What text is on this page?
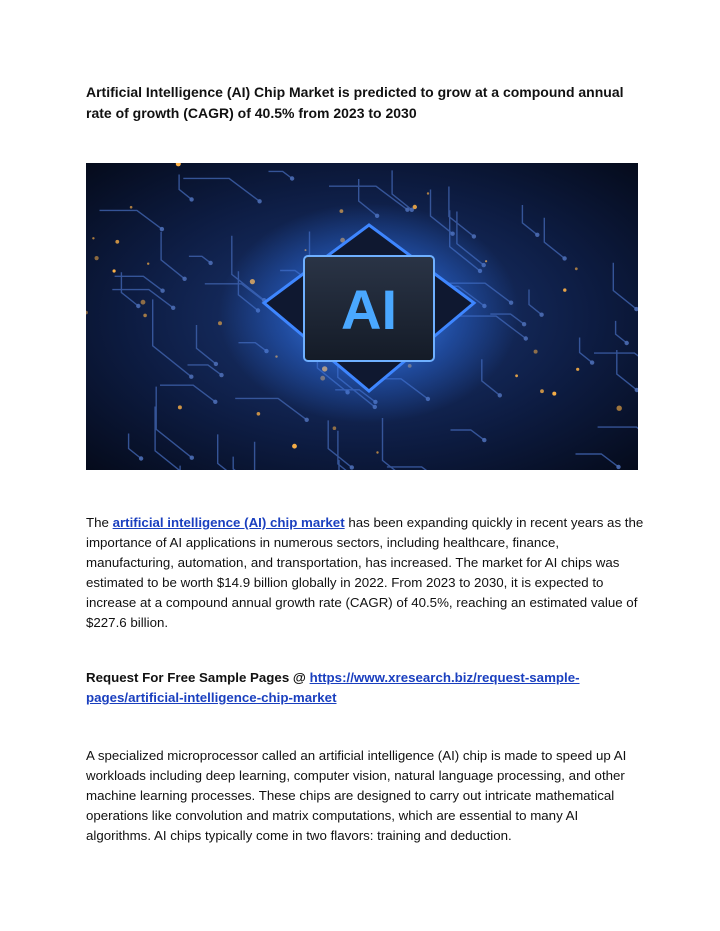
Artificial Intelligence (AI) Chip Market is predicted to grow at a compound annual rate of growth (CAGR) of 40.5% from 2023 to 2030

AI

The artificial intelligence (AI) chip market has been expanding quickly in recent years as the importance of AI applications in numerous sectors, including healthcare, finance, manufacturing, automation, and transportation, has increased. The market for AI chips was estimated to be worth $14.9 billion globally in 2022. From 2023 to 2030, it is expected to increase at a compound annual growth rate (CAGR) of 40.5%, reaching an estimated value of $227.6 billion.

Request For Free Sample Pages @ https://www.xresearch.biz/request-sample-pages/artificial-intelligence-chip-market

A specialized microprocessor called an artificial intelligence (AI) chip is made to speed up AI workloads including deep learning, computer vision, natural language processing, and other machine learning processes. These chips are designed to carry out intricate mathematical operations like convolution and matrix computations, which are essential to many AI algorithms. AI chips typically come in two flavors: training and deduction.
